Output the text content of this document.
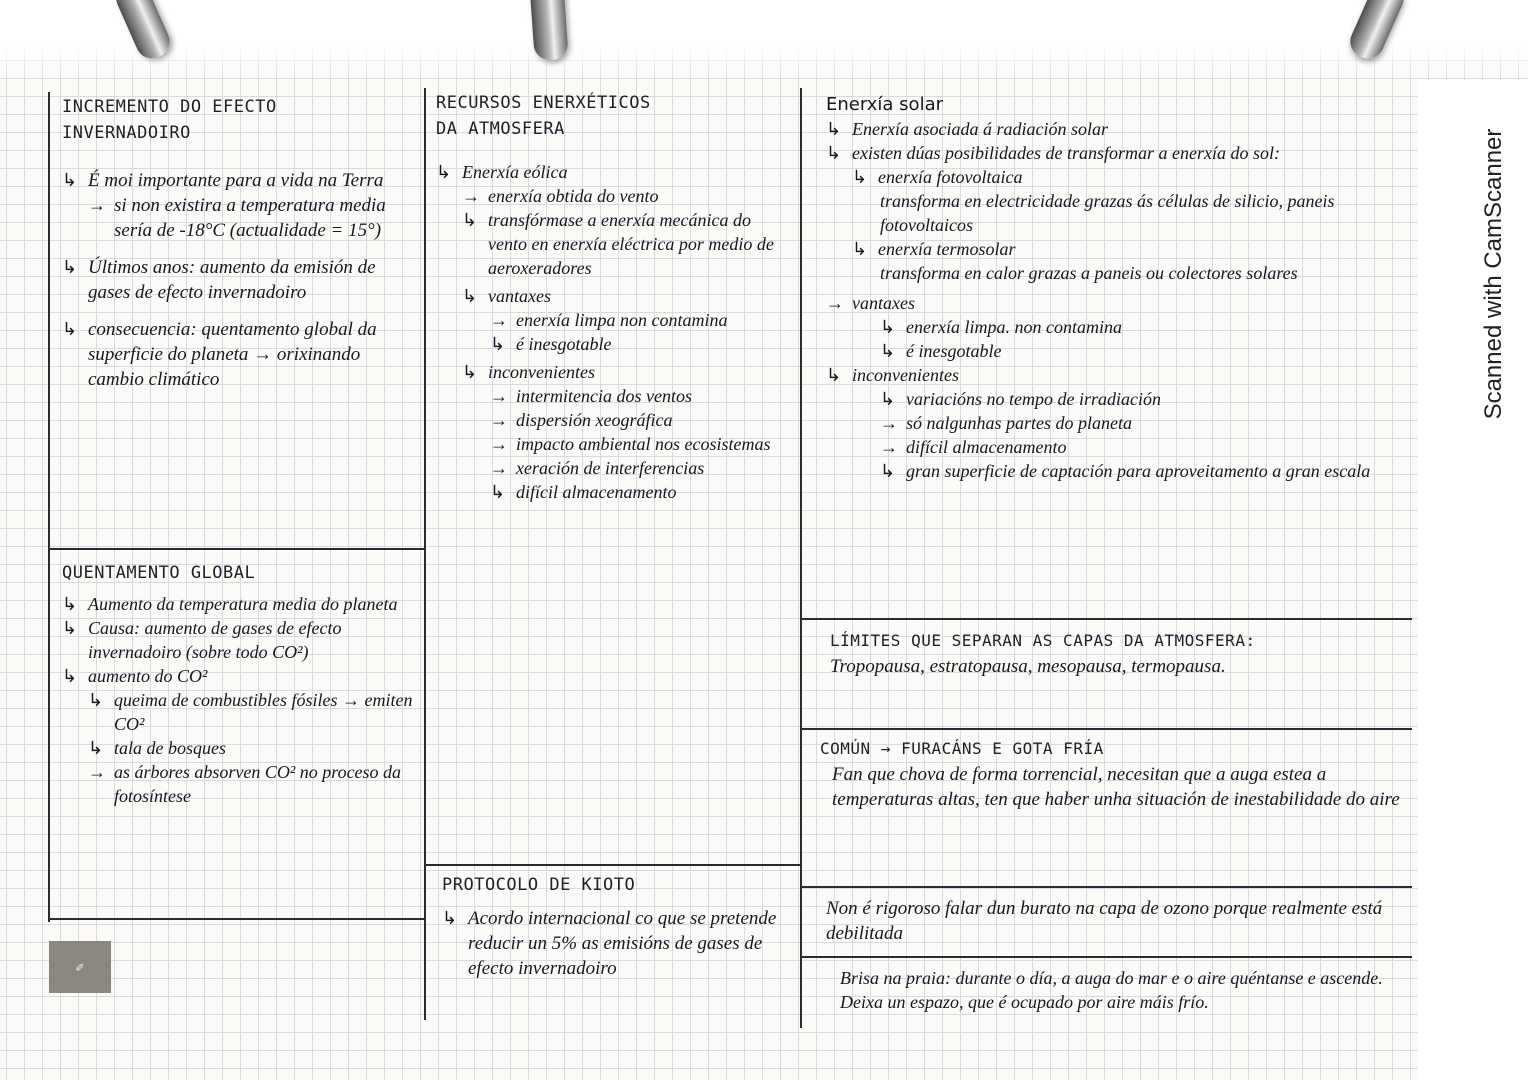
Scanned with CamScanner
INCREMENTO DO EFECTO
INVERNADOIRO
↳ É moi importante para a vida na Terra
→ si non existira a temperatura media sería de -18°C (actualidade = 15°)
↳ Últimos anos: aumento da emisión de gases de efecto invernadoiro
↳ consecuencia: quentamento global da superficie do planeta → orixinando cambio climático
QUENTAMENTO GLOBAL
↳ Aumento da temperatura media do planeta
↳ Causa: aumento de gases de efecto invernadoiro (sobre todo CO²)
↳ aumento do CO²
↳ queima de combustibles fósiles → emiten CO²
↳ tala de bosques
→ as árbores absorven CO² no proceso da fotosíntese
✎
RECURSOS ENERXÉTICOS
DA ATMOSFERA
↳ Enerxía eólica
→ enerxía obtida do vento
↳ transfórmase a enerxía mecánica do vento en enerxía eléctrica por medio de aeroxeradores
↳ vantaxes
→ enerxía limpa non contamina
↳ é inesgotable
↳ inconvenientes
→ intermitencia dos ventos
→ dispersión xeográfica
→ impacto ambiental nos ecosistemas
→ xeración de interferencias
↳ difícil almacenamento
PROTOCOLO DE KIOTO
↳ Acordo internacional co que se pretende reducir un 5% as emisións de gases de efecto invernadoiro
Enerxía solar
↳ Enerxía asociada á radiación solar
↳ existen dúas posibilidades de transformar a enerxía do sol:
↳ enerxía fotovoltaica
transforma en electricidade grazas ás células de silicio, paneis fotovoltaicos
↳ enerxía termosolar
transforma en calor grazas a paneis ou colectores solares
→ vantaxes
↳ enerxía limpa. non contamina
↳ é inesgotable
↳ inconvenientes
↳ variacións no tempo de irradiación
→ só nalgunhas partes do planeta
→ difícil almacenamento
↳ gran superficie de captación para aproveitamento a gran escala
LÍMITES QUE SEPARAN AS CAPAS DA ATMOSFERA:
Tropopausa, estratopausa, mesopausa, termopausa.
COMÚN → FURACÁNS E GOTA FRÍA
Fan que chova de forma torrencial, necesitan que a auga estea a temperaturas altas, ten que haber unha situación de inestabilidade do aire
Non é rigoroso falar dun burato na capa de ozono porque realmente está debilitada
Brisa na praia: durante o día, a auga do mar e o aire quéntanse e ascende. Deixa un espazo, que é ocupado por aire máis frío.
